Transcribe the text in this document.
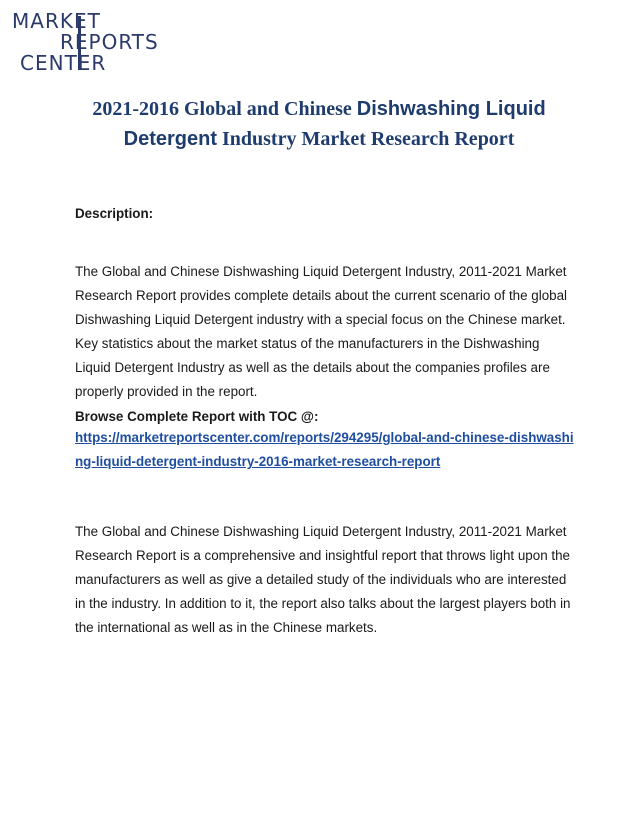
MARKET
REPORTS
CENTER
2021-2016 Global and Chinese Dishwashing Liquid Detergent Industry Market Research Report
Description:

The Global and Chinese Dishwashing Liquid Detergent Industry, 2011-2021 Market Research Report provides complete details about the current scenario of the global Dishwashing Liquid Detergent industry with a special focus on the Chinese market. Key statistics about the market status of the manufacturers in the Dishwashing Liquid Detergent Industry as well as the details about the companies profiles are properly provided in the report.

Browse Complete Report with TOC @:
https://marketreportscenter.com/reports/294295/global-and-chinese-dishwashing-liquid-detergent-industry-2016-market-research-report

The Global and Chinese Dishwashing Liquid Detergent Industry, 2011-2021 Market Research Report is a comprehensive and insightful report that throws light upon the manufacturers as well as give a detailed study of the individuals who are interested in the industry. In addition to it, the report also talks about the largest players both in the international as well as in the Chinese markets.
